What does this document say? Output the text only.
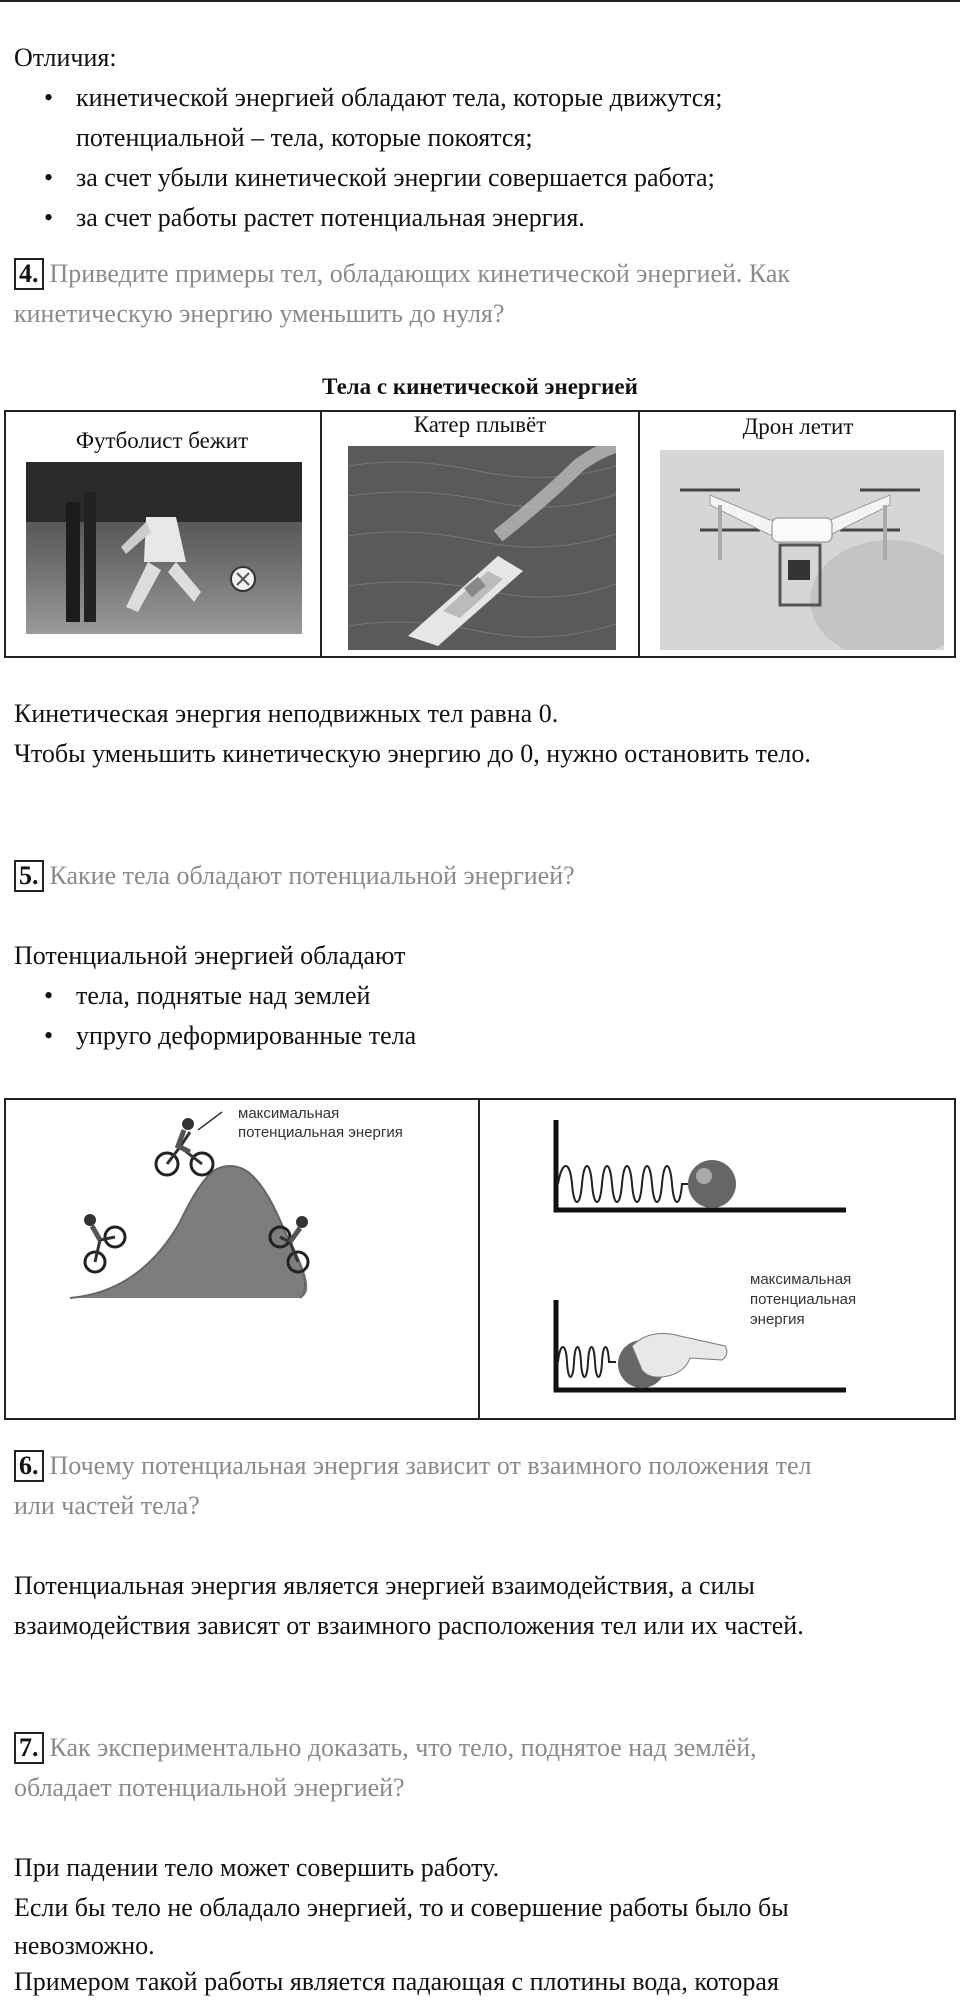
Отличия:
• кинетической энергией обладают тела, которые движутся;
потенциальной – тела, которые покоятся;
• за счет убыли кинетической энергии совершается работа;
• за счет работы растет потенциальная энергия.
4. Приведите примеры тел, обладающих кинетической энергией. Как
кинетическую энергию уменьшить до нуля?
Тела с кинетической энергией
Футболист бежит
Катер плывёт	Дрон летит
Кинетическая энергия неподвижных тел равна 0.
Чтобы уменьшить кинетическую энергию до 0, нужно остановить тело.
5. Какие тела обладают потенциальной энергией?
Потенциальной энергией обладают
• тела, поднятые над землей
• упруго деформированные тела
максимальная
потенциальная энергия
максимальная
потенциальная
энергия
6. Почему потенциальная энергия зависит от взаимного положения тел
или частей тела?
Потенциальная энергия является энергией взаимодействия, а силы
взаимодействия зависят от взаимного расположения тел или их частей.
7. Как экспериментально доказать, что тело, поднятое над землёй,
обладает потенциальной энергией?
При падении тело может совершить работу.
Если бы тело не обладало энергией, то и совершение работы было бы
невозможно.
Примером такой работы является падающая с плотины вода, которая
